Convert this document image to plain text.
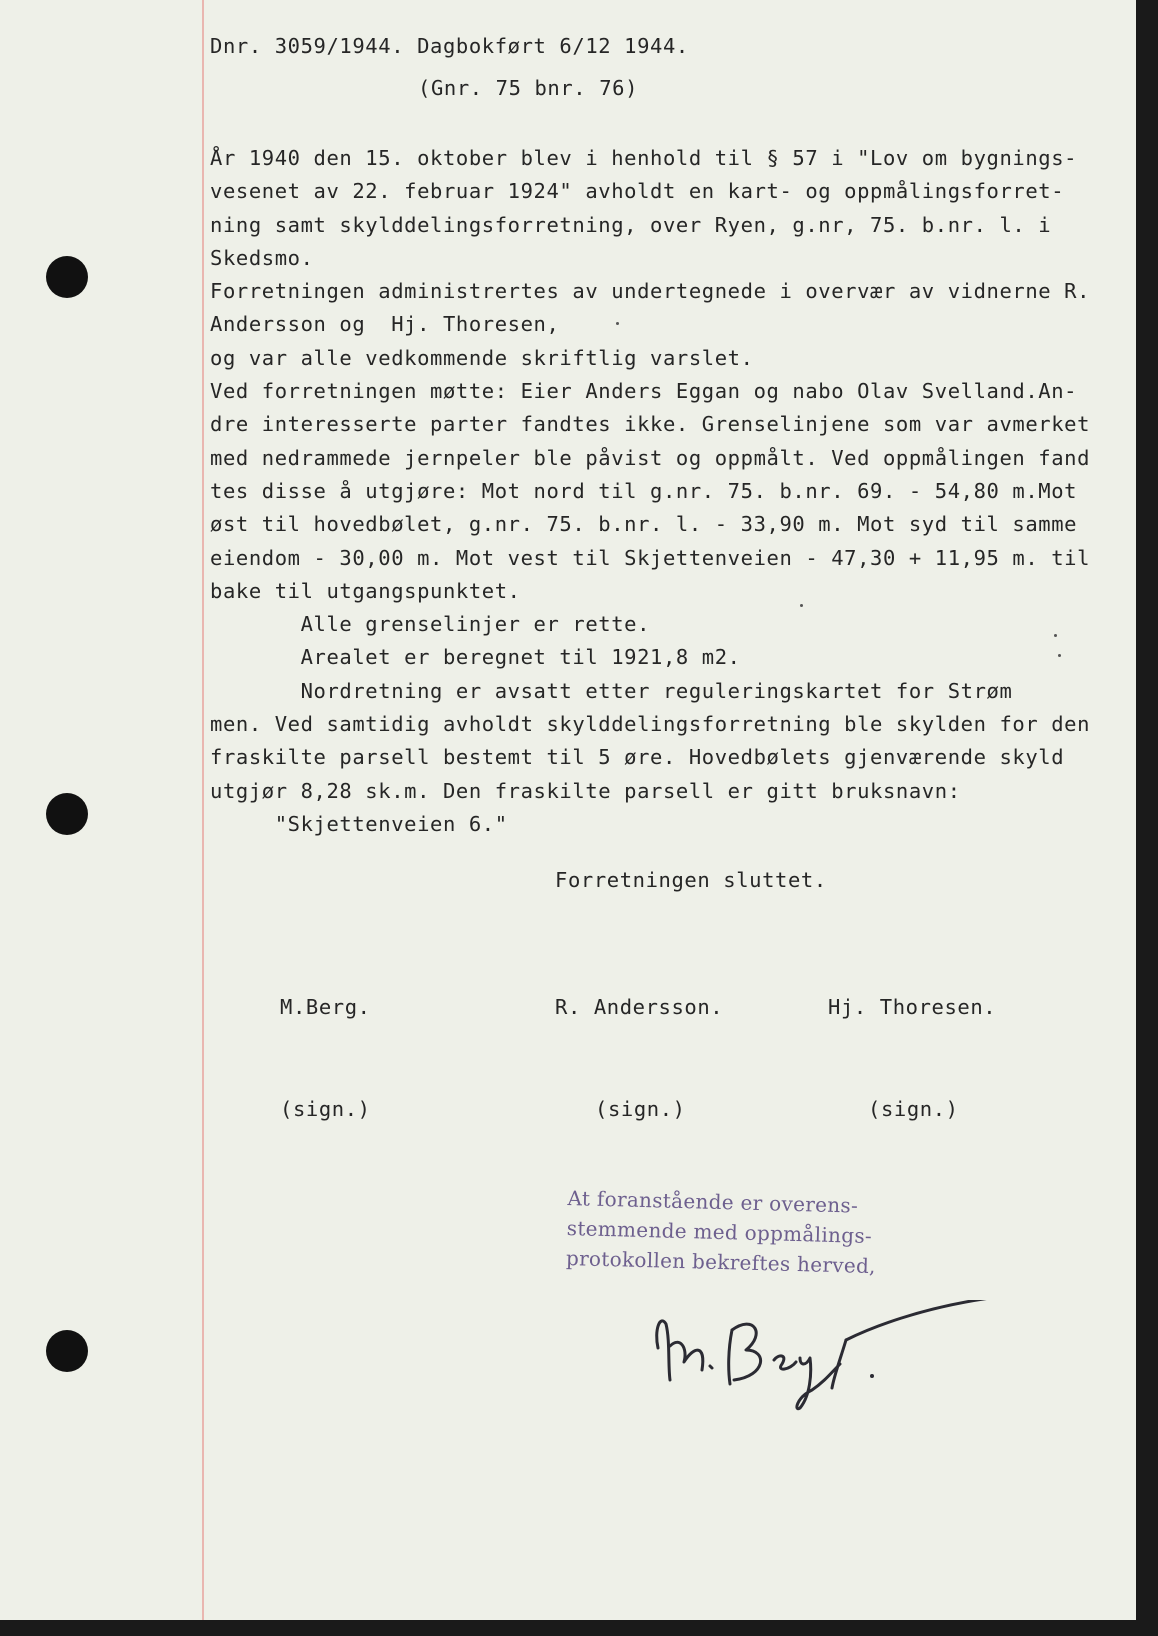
Dnr. 3059/1944. Dagbokført 6/12 1944.
(Gnr. 75 bnr. 76)
År 1940 den 15. oktober blev i henhold til § 57 i "Lov om bygnings-
vesenet av 22. februar 1924" avholdt en kart- og oppmålingsforret-
ning samt skylddelingsforretning, over Ryen, g.nr, 75. b.nr. l. i
Skedsmo.
Forretningen administrertes av undertegnede i overvær av vidnerne R.
Andersson og  Hj. Thoresen,
og var alle vedkommende skriftlig varslet.
Ved forretningen møtte: Eier Anders Eggan og nabo Olav Svelland.An-
dre interesserte parter fandtes ikke. Grenselinjene som var avmerket
med nedrammede jernpeler ble påvist og oppmålt. Ved oppmålingen fand
tes disse å utgjøre: Mot nord til g.nr. 75. b.nr. 69. - 54,80 m.Mot
øst til hovedbølet, g.nr. 75. b.nr. l. - 33,90 m. Mot syd til samme
eiendom - 30,00 m. Mot vest til Skjettenveien - 47,30 + 11,95 m. til
bake til utgangspunktet.
Alle grenselinjer er rette.
Arealet er beregnet til 1921,8 m2.
Nordretning er avsatt etter reguleringskartet for Strøm
men. Ved samtidig avholdt skylddelingsforretning ble skylden for den
fraskilte parsell bestemt til 5 øre. Hovedbølets gjenværende skyld
utgjør 8,28 sk.m. Den fraskilte parsell er gitt bruksnavn:
"Skjettenveien 6."
Forretningen sluttet.

M.Berg.

(sign.)

R. Andersson.

(sign.)

Hj. Thoresen.

(sign.)

At foranstående er overens-
stemmende med oppmålings-
protokollen bekreftes herved,
